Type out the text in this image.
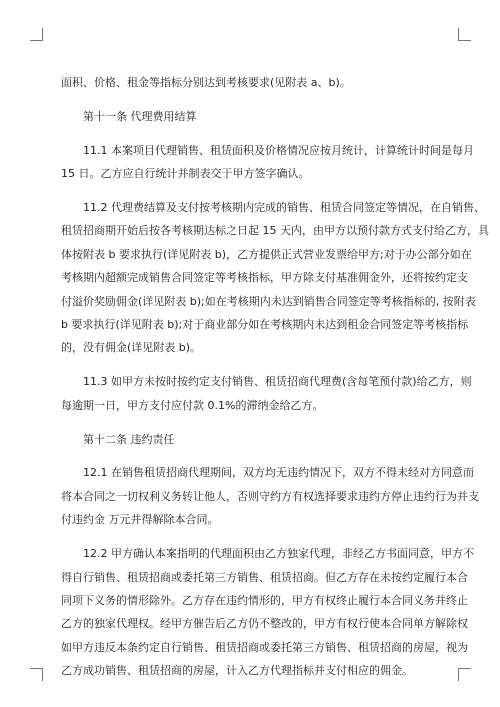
面积、价格、租金等指标分别达到考核要求(见附表 a、b)。
第十一条 代理费用结算
11.1 本案项目代理销售、租赁面积及价格情况应按月统计，计算统计时间是每月
15 日。乙方应自行统计并制表交于甲方签字确认。
11.2 代理费结算及支付按考核期内完成的销售、租赁合同签定等情况，在自销售、
租赁招商期开始后按各考核期达标之日起 15 天内，由甲方以预付款方式支付给乙方，具
体按附表 b 要求执行(详见附表 b)，乙方提供正式营业发票给甲方;对于办公部分如在
考核期内超额完成销售合同签定等考核指标，甲方除支付基准佣金外，还将按约定支
付溢价奖励佣金(详见附表 b);如在考核期内未达到销售合同签定等考核指标的, 按附表
b 要求执行(详见附表 b);对于商业部分如在考核期内未达到租金合同签定等考核指标
的，没有佣金(详见附表 b)。
11.3 如甲方未按时按约定支付销售、租赁招商代理费(含每笔预付款)给乙方，则
每逾期一日，甲方支付应付款 0.1%的滞纳金给乙方。
第十二条 违约责任
12.1 在销售租赁招商代理期间，双方均无违约情况下，双方不得未经对方同意而
将本合同之一切权利义务转让他人，否则守约方有权选择要求违约方停止违约行为并支
付违约金 万元并得解除本合同。
12.2 甲方确认本案指明的代理面积由乙方独家代理，非经乙方书面同意，甲方不
得自行销售、租赁招商或委托第三方销售、租赁招商。但乙方存在未按约定履行本合
同项下义务的情形除外。乙方存在违约情形的，甲方有权终止履行本合同义务并终止
乙方的独家代理权。经甲方催告后乙方仍不整改的，甲方有权行使本合同单方解除权
如甲方违反本条约定自行销售、租赁招商或委托第三方销售、租赁招商的房屋，视为
乙方成功销售、租赁招商的房屋，计入乙方代理指标并支付相应的佣金。
